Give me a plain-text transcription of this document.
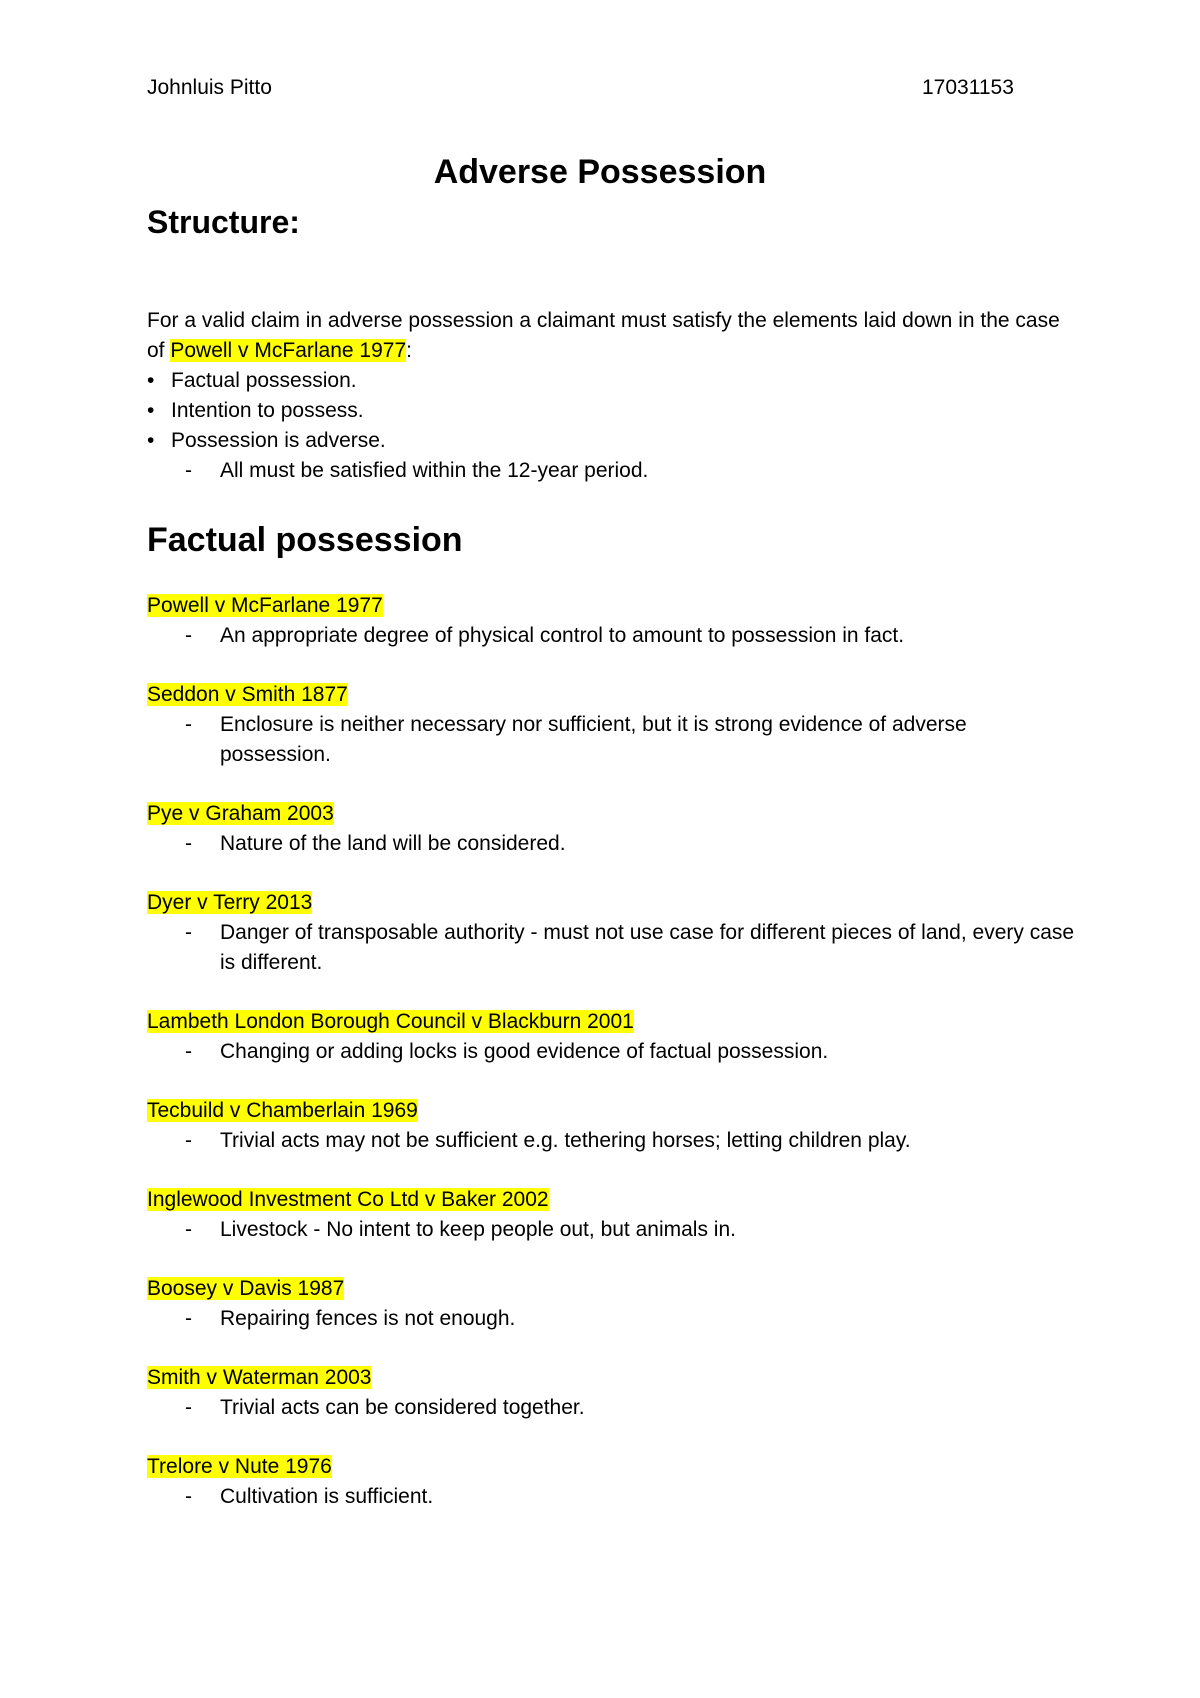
Johnluis Pitto	17031153
Adverse Possession
Structure:
For a valid claim in adverse possession a claimant must satisfy the elements laid down in the case of Powell v McFarlane 1977:
• Factual possession.
• Intention to possess.
• Possession is adverse.
- All must be satisfied within the 12-year period.
Factual possession
Powell v McFarlane 1977
- An appropriate degree of physical control to amount to possession in fact.
Seddon v Smith 1877
- Enclosure is neither necessary nor sufficient, but it is strong evidence of adverse possession.
Pye v Graham 2003
- Nature of the land will be considered.
Dyer v Terry 2013
- Danger of transposable authority - must not use case for different pieces of land, every case is different.
Lambeth London Borough Council v Blackburn 2001
- Changing or adding locks is good evidence of factual possession.
Tecbuild v Chamberlain 1969
- Trivial acts may not be sufficient e.g. tethering horses; letting children play.
Inglewood Investment Co Ltd v Baker 2002
- Livestock - No intent to keep people out, but animals in.
Boosey v Davis 1987
- Repairing fences is not enough.
Smith v Waterman 2003
- Trivial acts can be considered together.
Trelore v Nute 1976
- Cultivation is sufficient.
